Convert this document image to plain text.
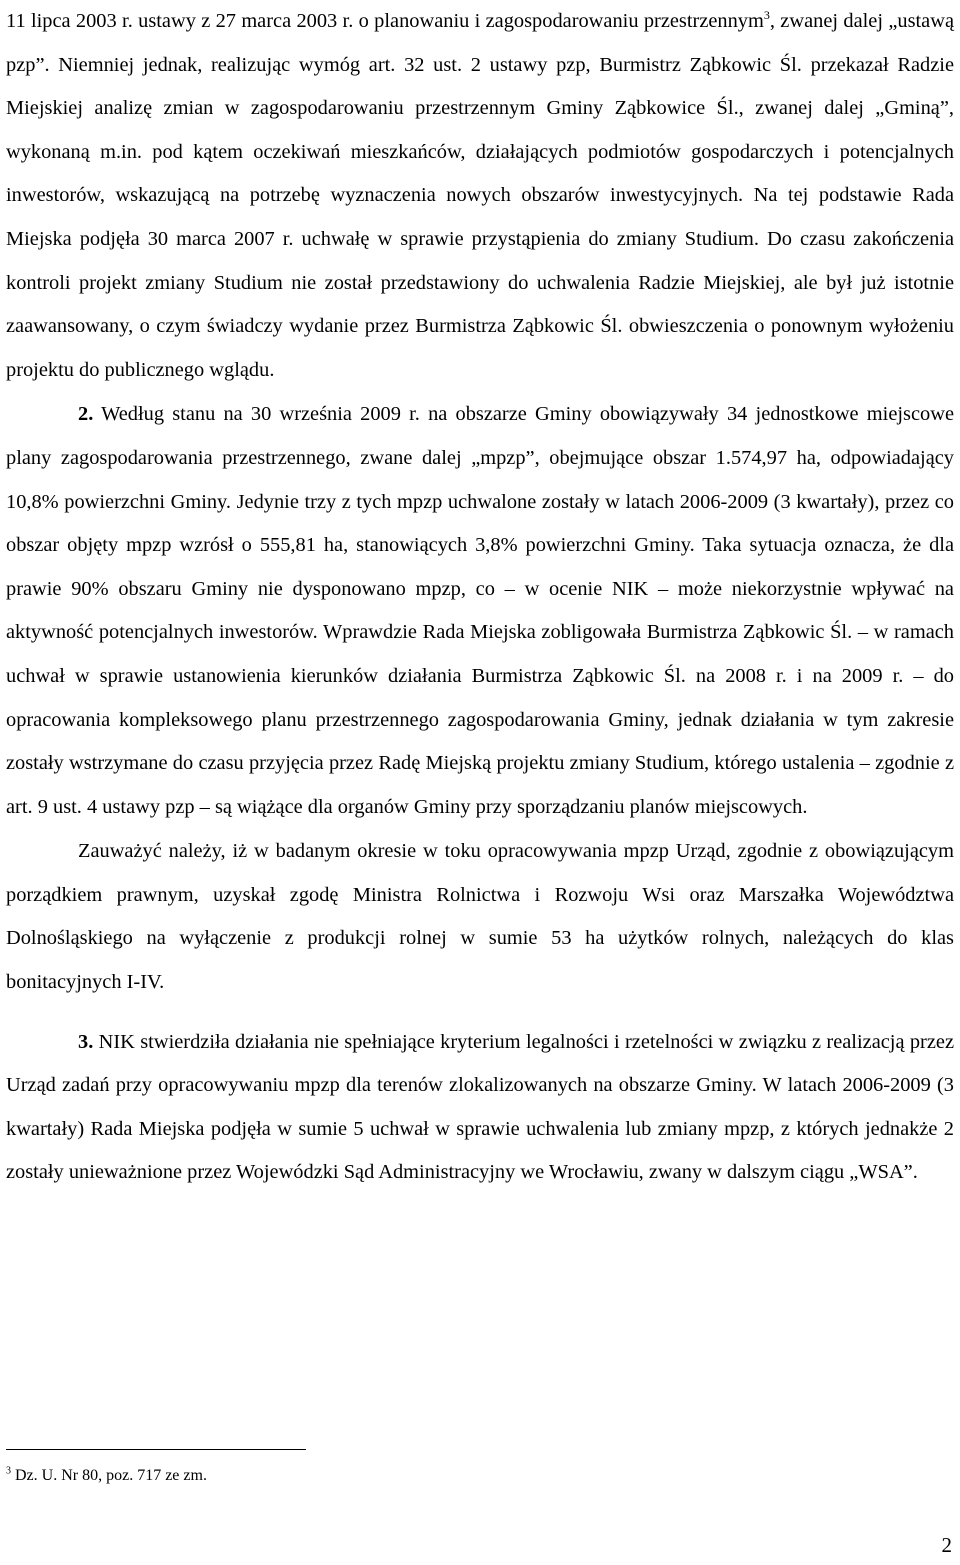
11 lipca 2003 r. ustawy z 27 marca 2003 r. o planowaniu i zagospodarowaniu przestrzennym$^3$, zwanej dalej „ustawą pzp”. Niemniej jednak, realizując wymóg art. 32 ust. 2 ustawy pzp, Burmistrz Ząbkowic Śl. przekazał Radzie Miejskiej analizę zmian w zagospodarowaniu przestrzennym Gminy Ząbkowice Śl., zwanej dalej „Gminą”, wykonaną m.in. pod kątem oczekiwań mieszkańców, działających podmiotów gospodarczych i potencjalnych inwestorów, wskazującą na potrzebę wyznaczenia nowych obszarów inwestycyjnych. Na tej podstawie Rada Miejska podjęła 30 marca 2007 r. uchwałę w sprawie przystąpienia do zmiany Studium. Do czasu zakończenia kontroli projekt zmiany Studium nie został przedstawiony do uchwalenia Radzie Miejskiej, ale był już istotnie zaawansowany, o czym świadczy wydanie przez Burmistrza Ząbkowic Śl. obwieszczenia o ponownym wyłożeniu projektu do publicznego wglądu.

2. Według stanu na 30 września 2009 r. na obszarze Gminy obowiązywały 34 jednostkowe miejscowe plany zagospodarowania przestrzennego, zwane dalej „mpzp”, obejmujące obszar 1.574,97 ha, odpowiadający 10,8% powierzchni Gminy. Jedynie trzy z tych mpzp uchwalone zostały w latach 2006-2009 (3 kwartały), przez co obszar objęty mpzp wzrósł o 555,81 ha, stanowiących 3,8% powierzchni Gminy. Taka sytuacja oznacza, że dla prawie 90% obszaru Gminy nie dysponowano mpzp, co – w ocenie NIK – może niekorzystnie wpływać na aktywność potencjalnych inwestorów. Wprawdzie Rada Miejska zobligowała Burmistrza Ząbkowic Śl. – w ramach uchwał w sprawie ustanowienia kierunków działania Burmistrza Ząbkowic Śl. na 2008 r. i na 2009 r. – do opracowania kompleksowego planu przestrzennego zagospodarowania Gminy, jednak działania w tym zakresie zostały wstrzymane do czasu przyjęcia przez Radę Miejską projektu zmiany Studium, którego ustalenia – zgodnie z art. 9 ust. 4 ustawy pzp – są wiążące dla organów Gminy przy sporządzaniu planów miejscowych.

Zauważyć należy, iż w badanym okresie w toku opracowywania mpzp Urząd, zgodnie z obowiązującym porządkiem prawnym, uzyskał zgodę Ministra Rolnictwa i Rozwoju Wsi oraz Marszałka Województwa Dolnośląskiego na wyłączenie z produkcji rolnej w sumie 53 ha użytków rolnych, należących do klas bonitacyjnych I-IV.

3. NIK stwierdziła działania nie spełniające kryterium legalności i rzetelności w związku z realizacją przez Urząd zadań przy opracowywaniu mpzp dla terenów zlokalizowanych na obszarze Gminy. W latach 2006-2009 (3 kwartały) Rada Miejska podjęła w sumie 5 uchwał w sprawie uchwalenia lub zmiany mpzp, z których jednakże 2 zostały unieważnione przez Wojewódzki Sąd Administracyjny we Wrocławiu, zwany w dalszym ciągu „WSA”.

$^3$ Dz. U. Nr 80, poz. 717 ze zm.
2
